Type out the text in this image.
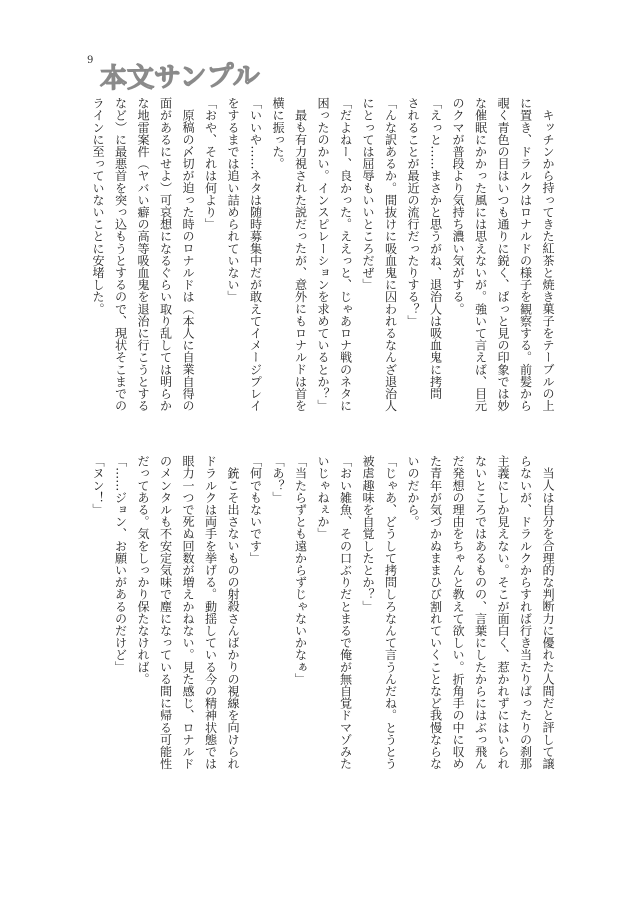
9
本文サンプル
キッチンから持ってきた紅茶と焼き菓子をテーブルの上
に置き、ドラルクはロナルドの様子を観察する。前髪から
覗く青色の目はいつも通りに鋭く、ぱっと見の印象では妙
な催眠にかかった風には思えないが。強いて言えば、目元
のクマが普段より気持ち濃い気がする。
「えっと……まさかと思うがね、退治人は吸血鬼に拷問
されることが最近の流行だったりする？」
「んな訳あるか。間抜けに吸血鬼に囚われるなんざ退治人
にとっては屈辱もいいところだぜ」
「だよねー、良かった。ええっと、じゃあロナ戦のネタに
困ったのかい。インスピレーションを求めているとか？」
最も有力視された説だったが、意外にもロナルドは首を
横に振った。
「いいや……ネタは随時募集中だが敢えてイメージプレイ
をするまでは追い詰められていない」
「おや、それは何より」
原稿の〆切が迫った時のロナルドは（本人に自業自得の
面があるにせよ）可哀想になるぐらい取り乱しては明らか
な地雷案件（ヤバい癖の高等吸血鬼を退治に行こうとする
など）に最悪首を突っ込もうとするので、現状そこまでの
ラインに至っていないことに安堵した。
当人は自分を合理的な判断力に優れた人間だと評して譲
らないが、ドラルクからすれば行き当たりばったりの刹那
主義にしか見えない。そこが面白く、惹かれずにはいられ
ないところではあるものの、言葉にしたからにはぶっ飛ん
だ発想の理由をちゃんと教えて欲しい。折角手の中に収め
た青年が気づかぬままひび割れていくことなど我慢ならな
いのだから。
「じゃあ、どうして拷問しろなんて言うんだね。とうとう
被虐趣味を自覚したとか？」
「おい雑魚、その口ぶりだとまるで俺が無自覚ドマゾみた
いじゃねぇか」
「当たらずとも遠からずじゃないかなぁ」
「あ？」
「何でもないです」
銃こそ出さないものの射殺さんばかりの視線を向けられ
ドラルクは両手を挙げる。動揺している今の精神状態では
眼力一つで死ぬ回数が増えかねない。見た感じ、ロナルド
のメンタルも不安定気味で塵になっている間に帰る可能性
だってある。気をしっかり保たなければ。
「……ジョン、お願いがあるのだけど」
「ヌン！」
